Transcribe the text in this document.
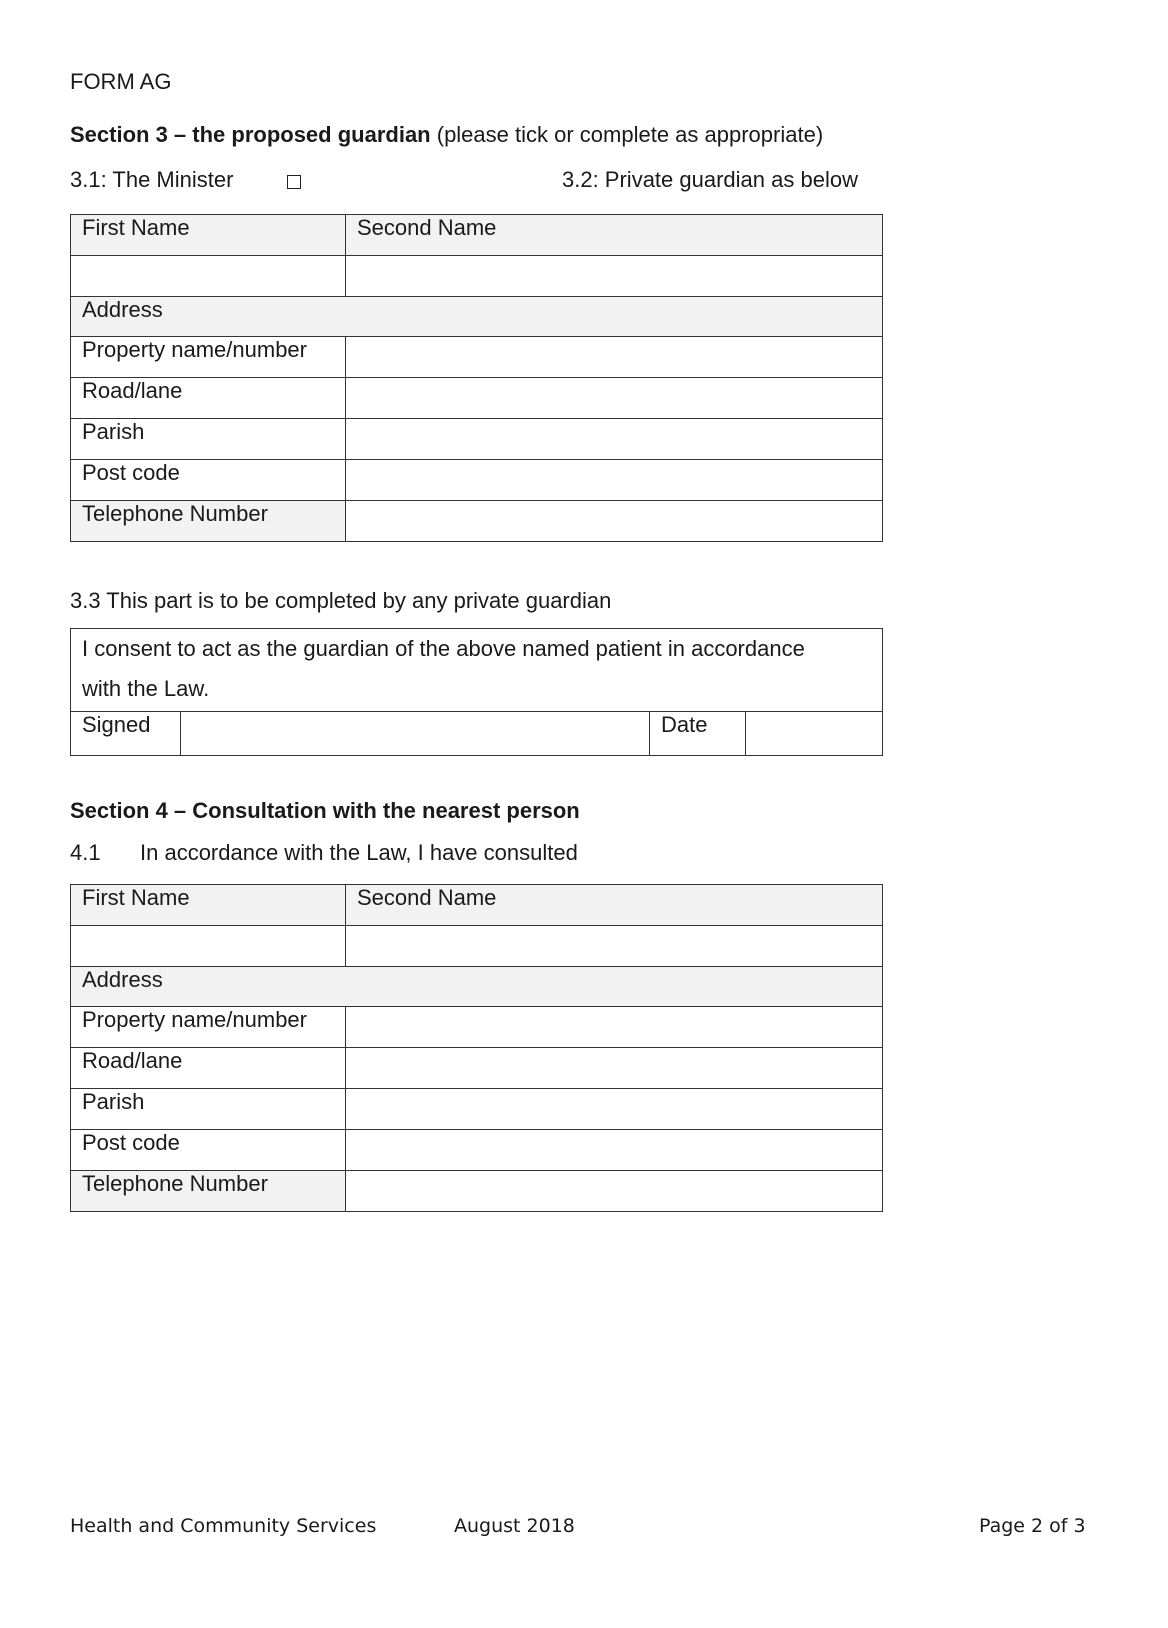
FORM AG
Section 3 – the proposed guardian (please tick or complete as appropriate)
3.1: The Minister	3.2: Private guardian as below
First Name	Second Name

Address	
Property name/number	
Road/lane	
Parish	
Post code	
Telephone Number	
3.3 This part is to be completed by any private guardian
I consent to act as the guardian of the above named patient in accordance
with the Law.

Signed		Date	
Section 4 – Consultation with the nearest person
4.1 In accordance with the Law, I have consulted
First Name	Second Name

Address	
Property name/number	
Road/lane	
Parish	
Post code	
Telephone Number	
Health and Community Services	August 2018	Page 2 of 3
